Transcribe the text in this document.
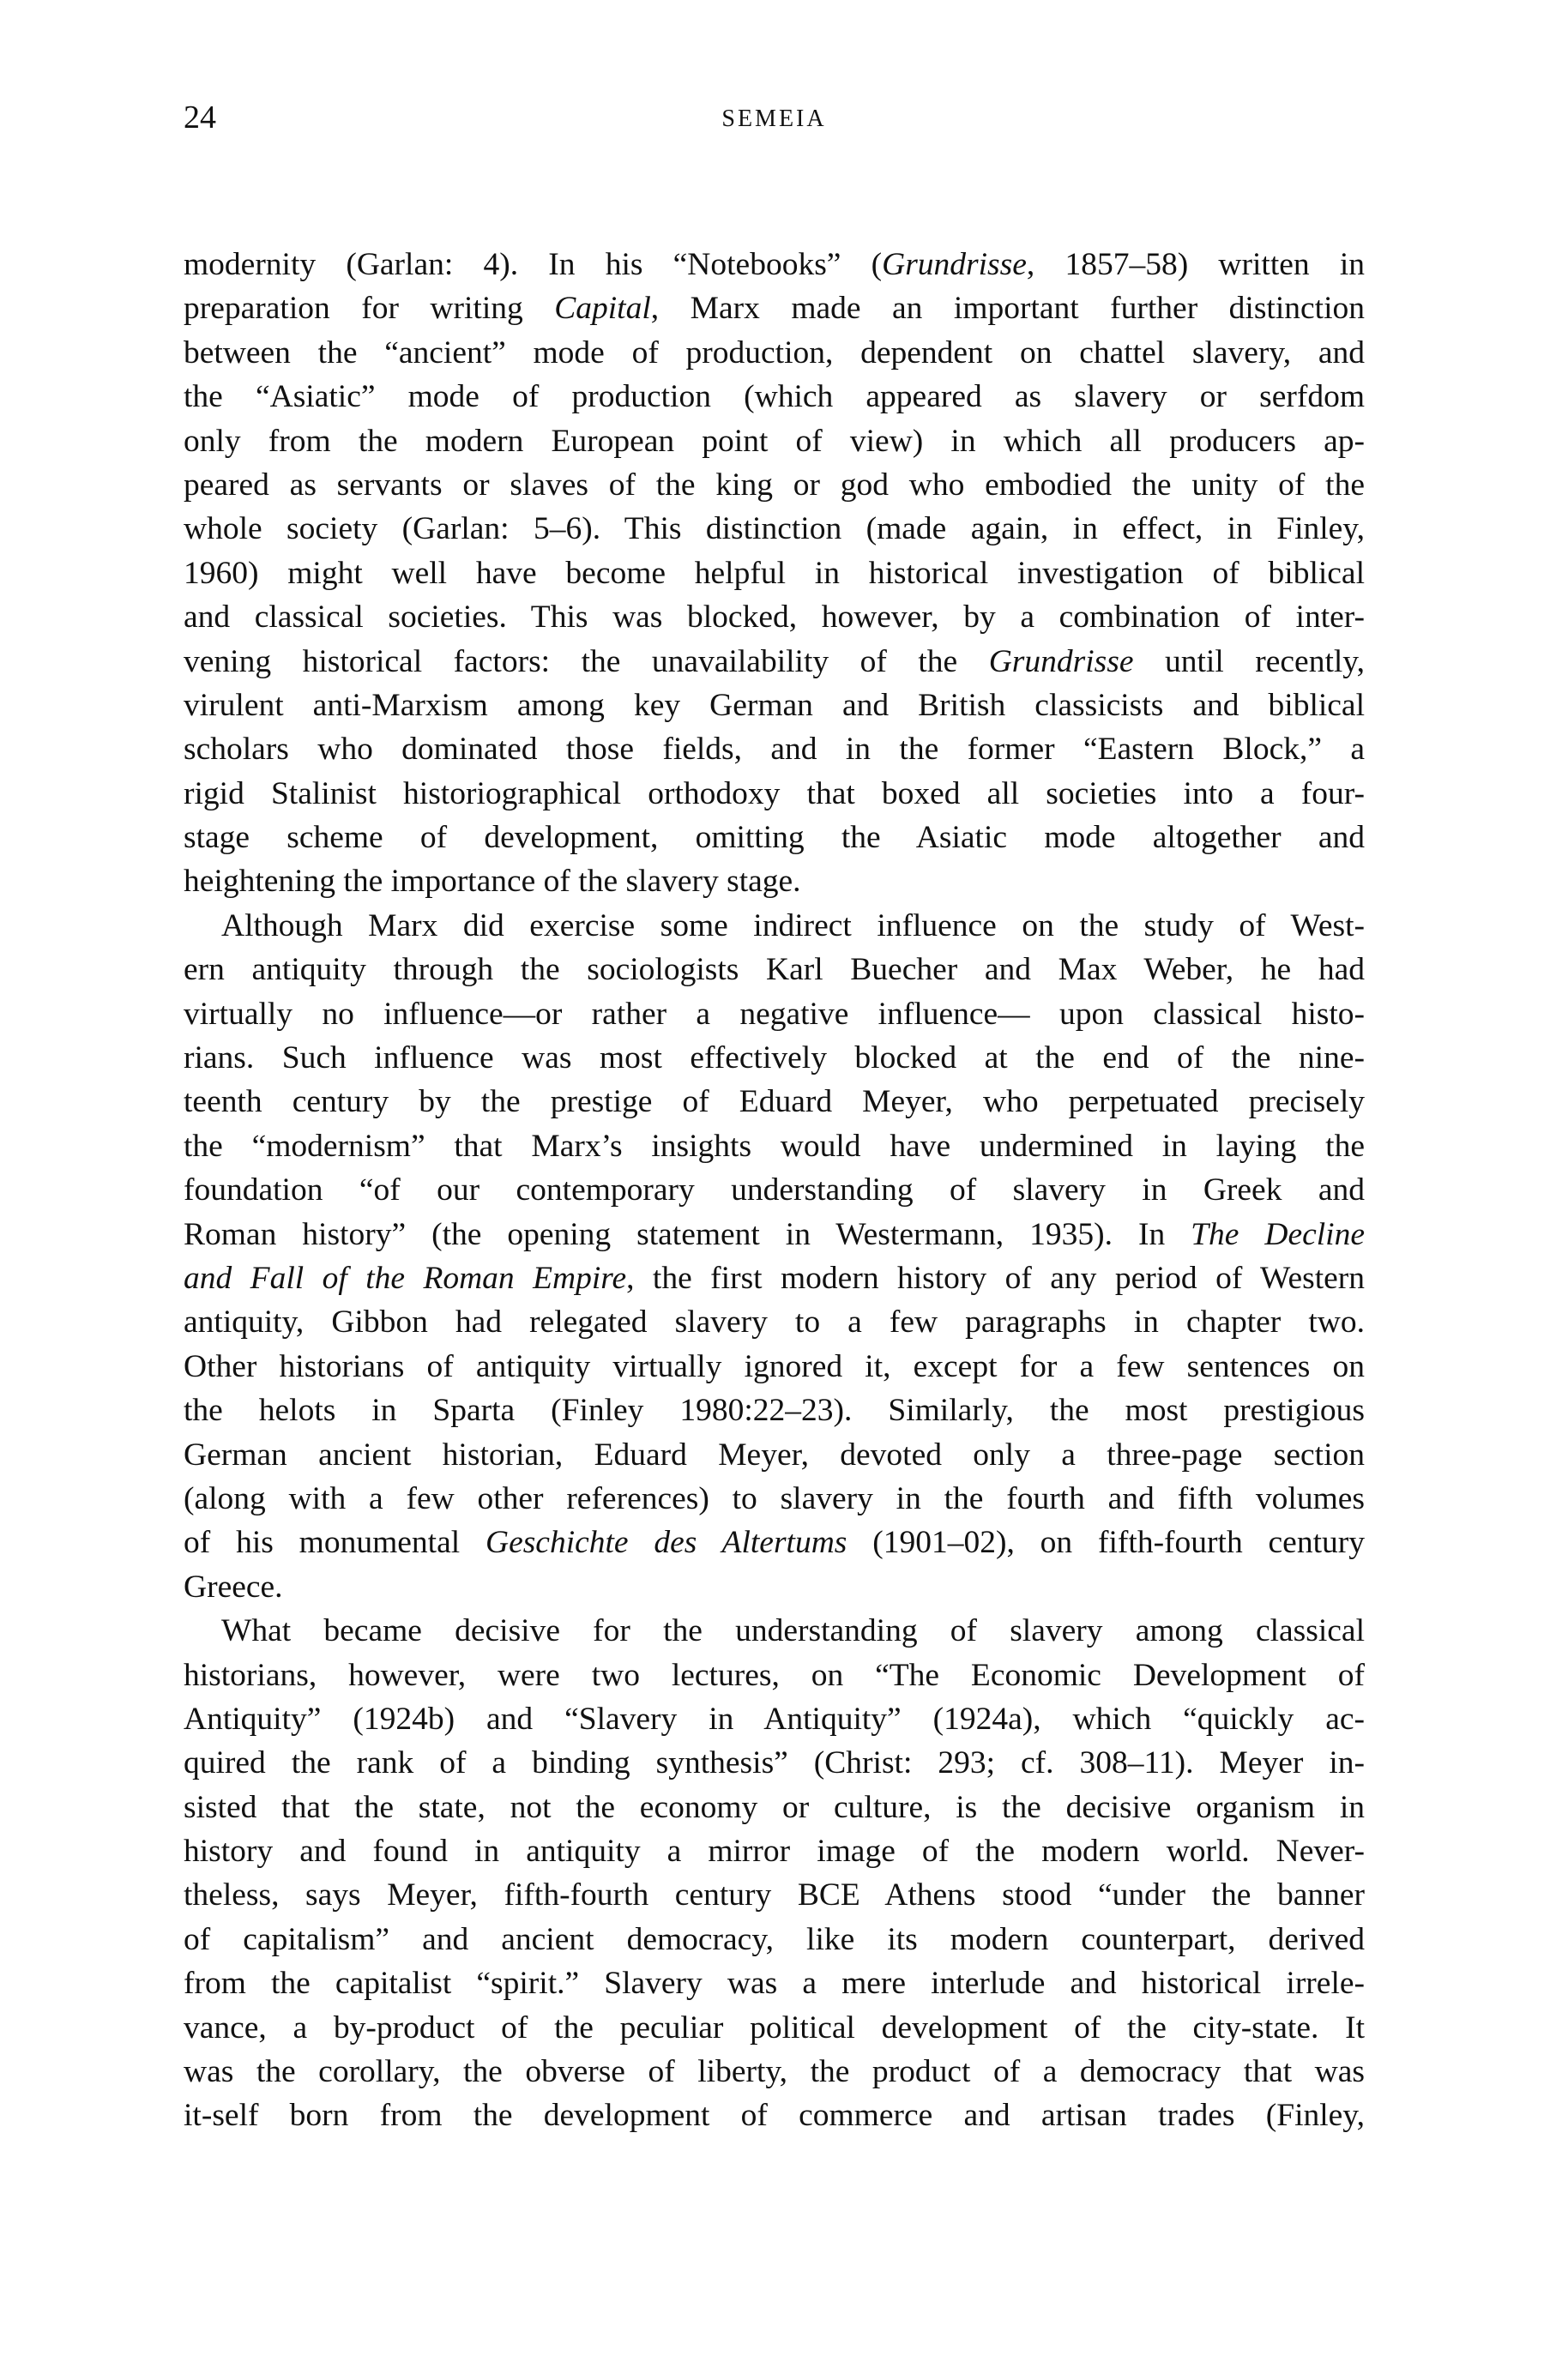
24	SEMEIA
modernity (Garlan: 4). In his “Notebooks” (Grundrisse, 1857–58) written in
preparation for writing Capital, Marx made an important further distinction
between the “ancient” mode of production, dependent on chattel slavery, and
the “Asiatic” mode of production (which appeared as slavery or serfdom
only from the modern European point of view) in which all producers ap-
peared as servants or slaves of the king or god who embodied the unity of the
whole society (Garlan: 5–6). This distinction (made again, in effect, in Finley,
1960) might well have become helpful in historical investigation of biblical
and classical societies. This was blocked, however, by a combination of inter-
vening historical factors: the unavailability of the Grundrisse until recently,
virulent anti-Marxism among key German and British classicists and biblical
scholars who dominated those fields, and in the former “Eastern Block,” a
rigid Stalinist historiographical orthodoxy that boxed all societies into a four-
stage scheme of development, omitting the Asiatic mode altogether and
heightening the importance of the slavery stage.
Although Marx did exercise some indirect influence on the study of West-
ern antiquity through the sociologists Karl Buecher and Max Weber, he had
virtually no influence—or rather a negative influence— upon classical histo-
rians. Such influence was most effectively blocked at the end of the nine-
teenth century by the prestige of Eduard Meyer, who perpetuated precisely
the “modernism” that Marx’s insights would have undermined in laying the
foundation “of our contemporary understanding of slavery in Greek and
Roman history” (the opening statement in Westermann, 1935). In The Decline
and Fall of the Roman Empire, the first modern history of any period of Western
antiquity, Gibbon had relegated slavery to a few paragraphs in chapter two.
Other historians of antiquity virtually ignored it, except for a few sentences on
the helots in Sparta (Finley 1980:22–23). Similarly, the most prestigious
German ancient historian, Eduard Meyer, devoted only a three-page section
(along with a few other references) to slavery in the fourth and fifth volumes
of his monumental Geschichte des Altertums (1901–02), on fifth-fourth century
Greece.
What became decisive for the understanding of slavery among classical
historians, however, were two lectures, on “The Economic Development of
Antiquity” (1924b) and “Slavery in Antiquity” (1924a), which “quickly ac-
quired the rank of a binding synthesis” (Christ: 293; cf. 308–11). Meyer in-
sisted that the state, not the economy or culture, is the decisive organism in
history and found in antiquity a mirror image of the modern world. Never-
theless, says Meyer, fifth-fourth century BCE Athens stood “under the banner
of capitalism” and ancient democracy, like its modern counterpart, derived
from the capitalist “spirit.” Slavery was a mere interlude and historical irrele-
vance, a by-product of the peculiar political development of the city-state. It
was the corollary, the obverse of liberty, the product of a democracy that was
it-self born from the development of commerce and artisan trades (Finley,
